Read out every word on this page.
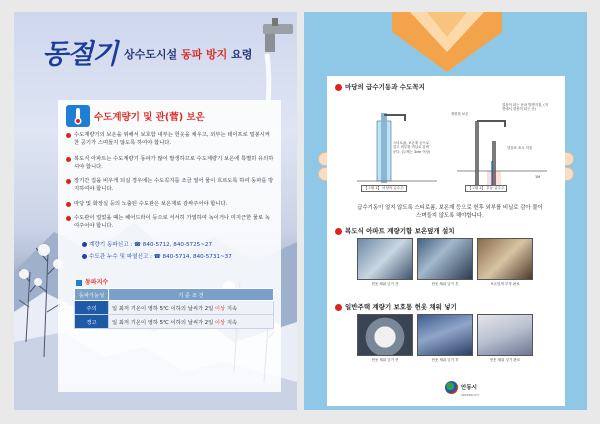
동절기 상수도시설 동파 방지 요령
수도계량기 및 관(菅) 보온
수도계량기의 보온을 위해서 보호함 내부는 헌옷을 채우고, 외부는 테이프로 밀봉시켜 찬 공기가 스며들지 않도록 하여야 합니다.
복도식 아파트는 수도계량기 동파가 많이 발생하므로 수도계량기 보온에 특별히 유의하셔야 합니다.
장기간 집을 비우게 되실 경우에는 수도꼭지를 조금 열어 물이 흐르도록 하여 동파를 방지하여야 합니다.
마당 및 화장실 등의 노출된 수도관은 보온재로 감싸주어야 합니다.
수도관이 얼었을 때는 헤어드라이 등으로 서서히 가열하여 녹이거나 미지근한 물로 녹여주어야 합니다.
계량기 동파신고 : ☎ 840-5712, 840-5725~27
수도관 누수 및 파열신고 : ☎ 840-5714, 840-5731~37
동파지수
동파가능성	기 준 조 건
주의	일 최저 기온이 영하 5℃ 이하의 날씨가 2일 이상 지속
경고	일 최저 기온이 영하 5℃ 이하의 날씨가 2일 이상 지속
마당의 급수기동과 수도꼭지
스티로폼, 보온재 등으로 감고 외부를 비닐로 감싸 준다. (두께는 3cm 이상)
장항한 보온
얼음표 표시 지점
얼음이 되는 동파 발생지점, (지면에서 얼음이 되는 곳)
1M
【그림 1】 마당의 급수주	【그림 2】 부동 급수주
급수기동이 얼지 않도록 스티로폼, 보온재 등으로 헌후 외부를 비닐로 감아 물이 스며들지 않도록 해야합니다.
복도식 아파트 계량기함 보온덮개 설치
헌옷 채워 넣기 전	헌옷 채워 넣기 후	보온덮개 부착 완료
일반주택 계량기 보호통 헌옷 채워 넣기
헌옷 채워 넣기 전	헌옷 채워 넣기 후	헌옷 채워 넣기 완료
안동시
ANDONG CITY
